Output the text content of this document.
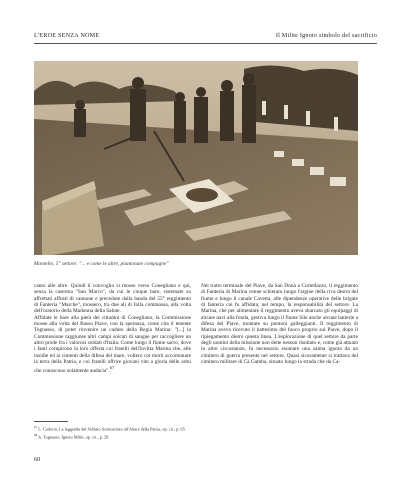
L'EROE SENZA NOME	Il Milite Ignoto simbolo del sacrificio
Montello, 5° settore: "... e come le altre, piantonate compagne"

canto alle altre. Quindi il convoglio si mosse verso Conegliano e qui, senza la caserma "San Marco", da cui le cinque bare, sistemate su affrettati affusti di cannone e precedute dalla banda del 55° reggimento di Fanteria "Marche", mossero, tra due ali di folla commossa, alla volta dell'oratorio della Madonna della Salute.

Affidate le bare alla pietà dei cittadini di Conegliano, la Commissione mosse alla volta del Basso Piave, con la speranza, come cita il tenente Tognasso, di poter rinvenire un caduto della Regia Marina: "[...] la Commissione raggiunse altri campi solcati di sangue per raccogliere un altro prode fra i valorosi soldati d'Italia. Come lungo il fiume sacro, dove i fanti compirono la loro offerta coi fratelli dell'invitta Marina che, alle insidie ed ai cimenti della difesa del mare, vollero coi morti accomunare la terra della Patria, e coi fratelli offrire giovani vite a gloria delle armi che conoscono solamente audacia".$^{67}$

Nel tratto terminale del Piave, da San Donà a Cortellazzo, il reggimento di Fanteria di Marina venne schierato lungo l'argine della riva destra del fiume e lungo il canale Cavetta, alle dipendenze operative delle brigate di fanteria cui fu affidata, nel tempo, la responsabilità del settore. La Marina, che per alimentare il reggimento aveva sbarcato gli equipaggi di alcune navi alla fonda, gestiva lungo il fiume Sile anche alcune batterie a difesa del Piave, montate su pontoni galleggianti. Il reggimento di Marina aveva ricevuto il battesimo del fuoco proprio sul Piave, dopo il ripiegamento dietro questa linea. L'esplorazione di quel settore da parte degli uomini della missione non dette nessun risultato e, come già attuato in altre circostanze, fu necessario esumare una salma ignota da un cimitero di guerra presente nel settore. Quasi sicuramente si trattava del cimitero militare di Cà Gamba, situato lungo la strada che da Ca-

$^{67}$ L. Cadorin, La leggenda del Soldato Sconosciuto all'Altare della Patria, op. cit., p. 65.
$^{68}$ A. Tognasso, Ignoto Militi, op. cit., p. 29.
60
